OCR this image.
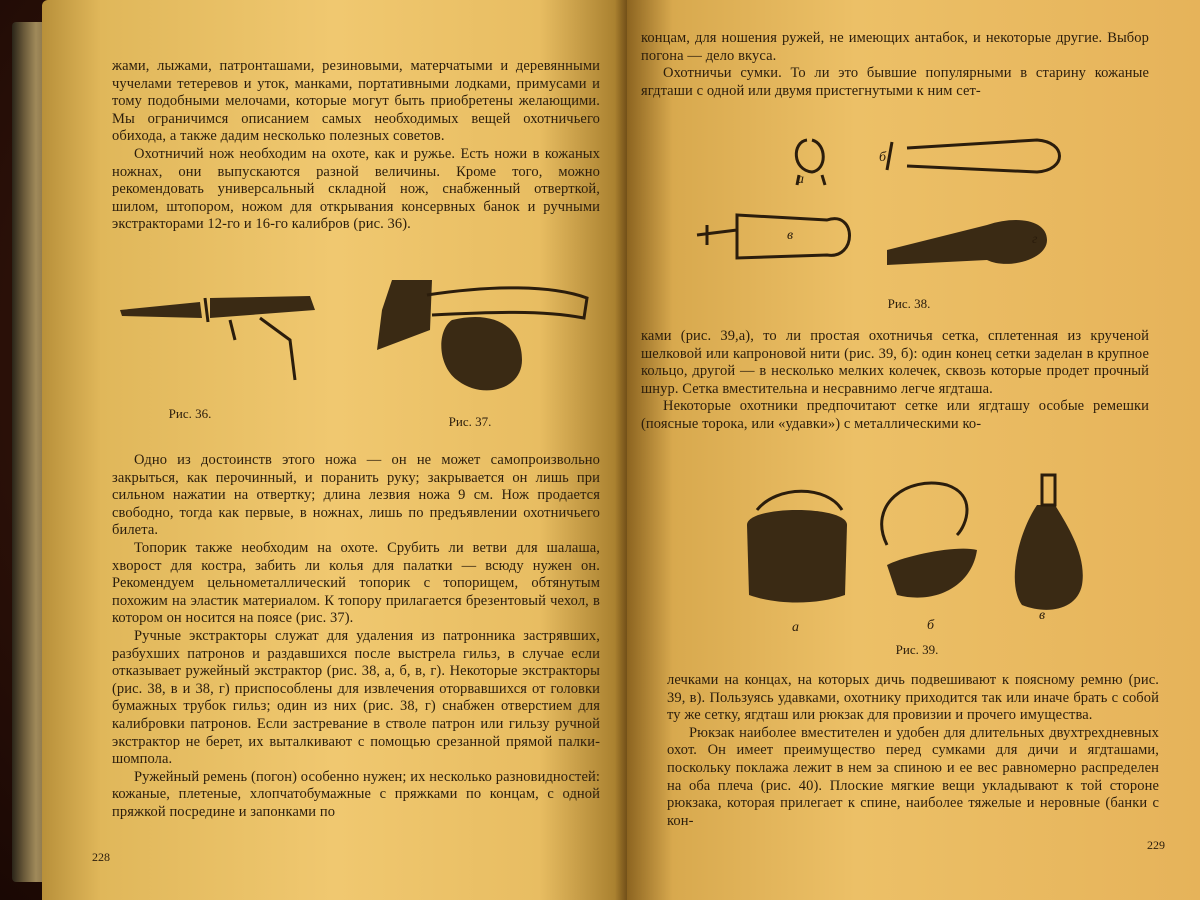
жами, лыжами, патронташами, резиновыми, матерчатыми и деревянными чучелами тетеревов и уток, манками, портативными лодками, примусами и тому подобными мелочами, которые могут быть приобретены желающими. Мы ограничимся описанием самых необходимых вещей охотничьего обихода, а также дадим несколько полезных советов.

Охотничий нож необходим на охоте, как и ружье. Есть ножи в кожаных ножнах, они выпускаются разной величины. Кроме того, можно рекомендовать универсальный складной нож, снабженный отверткой, шилом, штопором, ножом для открывания консервных банок и ручными экстракторами 12-го и 16-го калибров (рис. 36).

Рис. 36.
Рис. 37.

Одно из достоинств этого ножа — он не может самопроизвольно закрыться, как перочинный, и поранить руку; закрывается он лишь при сильном нажатии на отвертку; длина лезвия ножа 9 см. Нож продается свободно, тогда как первые, в ножнах, лишь по предъявлении охотничьего билета.

Топорик также необходим на охоте. Срубить ли ветви для шалаша, хворост для костра, забить ли колья для палатки — всюду нужен он. Рекомендуем цельнометаллический топорик с топорищем, обтянутым похожим на эластик материалом. К топору прилагается брезентовый чехол, в котором он носится на поясе (рис. 37).

Ручные экстракторы служат для удаления из патронника застрявших, разбухших патронов и раздавшихся после выстрела гильз, в случае если отказывает ружейный экстрактор (рис. 38, а, б, в, г). Некоторые экстракторы (рис. 38, в и 38, г) приспособлены для извлечения оторвавшихся от головки бумажных трубок гильз; один из них (рис. 38, г) снабжен отверстием для калибровки патронов. Если застревание в стволе патрон или гильзу ручной экстрактор не берет, их выталкивают с помощью срезанной прямой палки-шомпола.

Ружейный ремень (погон) особенно нужен; их несколько разновидностей: кожаные, плетеные, хлопчатобумажные с пряжками по концам, с одной пряжкой посредине и запонками по

228

концам, для ношения ружей, не имеющих антабок, и некоторые другие. Выбор погона — дело вкуса.

Охотничьи сумки. То ли это бывшие популярными в старину кожаные ягдташи с одной или двумя пристегнутыми к ним сет-

а
б
в	г
Рис. 38.

ками (рис. 39,а), то ли простая охотничья сетка, сплетенная из крученой шелковой или капроновой нити (рис. 39, б): один конец сетки заделан в крупное кольцо, другой — в несколько мелких колечек, сквозь которые продет прочный шнур. Сетка вместительна и несравнимо легче ягдташа.

Некоторые охотники предпочитают сетке или ягдташу особые ремешки (поясные торока, или «удавки») с металлическими ко-

а	б
в
Рис. 39.

лечками на концах, на которых дичь подвешивают к поясному ремню (рис. 39, в). Пользуясь удавками, охотнику приходится так или иначе брать с собой ту же сетку, ягдташ или рюкзак для провизии и прочего имущества.

Рюкзак наиболее вместителен и удобен для длительных двухтрехдневных охот. Он имеет преимущество перед сумками для дичи и ягдташами, поскольку поклажа лежит в нем за спиною и ее вес равномерно распределен на оба плеча (рис. 40). Плоские мягкие вещи укладывают к той стороне рюкзака, которая прилегает к спине, наиболее тяжелые и неровные (банки с кон-

229
